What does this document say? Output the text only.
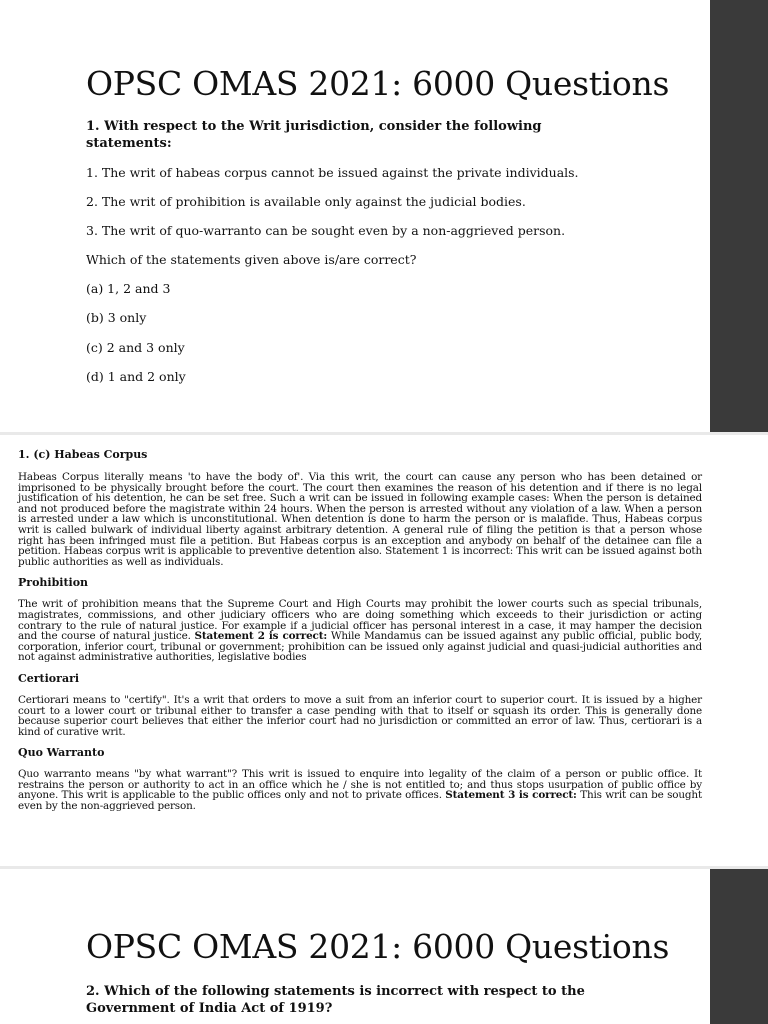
OPSC OMAS 2021: 6000 Questions

1. With respect to the Writ jurisdiction, consider the following statements:

1. The writ of habeas corpus cannot be issued against the private individuals.

2. The writ of prohibition is available only against the judicial bodies.

3. The writ of quo-warranto can be sought even by a non-aggrieved person.

Which of the statements given above is/are correct?

(a) 1, 2 and 3

(b) 3 only

(c) 2 and 3 only

(d) 1 and 2 only

1. (c) Habeas Corpus

Habeas Corpus literally means 'to have the body of'. Via this writ, the court can cause any person who has been detained or imprisoned to be physically brought before the court. The court then examines the reason of his detention and if there is no legal justification of his detention, he can be set free. Such a writ can be issued in following example cases: When the person is detained and not produced before the magistrate within 24 hours. When the person is arrested without any violation of a law. When a person is arrested under a law which is unconstitutional. When detention is done to harm the person or is malafide. Thus, Habeas corpus writ is called bulwark of individual liberty against arbitrary detention. A general rule of filing the petition is that a person whose right has been infringed must file a petition. But Habeas corpus is an exception and anybody on behalf of the detainee can file a petition. Habeas corpus writ is applicable to preventive detention also. Statement 1 is incorrect: This writ can be issued against both public authorities as well as individuals.

Prohibition

The writ of prohibition means that the Supreme Court and High Courts may prohibit the lower courts such as special tribunals, magistrates, commissions, and other judiciary officers who are doing something which exceeds to their jurisdiction or acting contrary to the rule of natural justice. For example if a judicial officer has personal interest in a case, it may hamper the decision and the course of natural justice. Statement 2 is correct: While Mandamus can be issued against any public official, public body, corporation, inferior court, tribunal or government; prohibition can be issued only against judicial and quasi-judicial authorities and not against administrative authorities, legislative bodies

Certiorari

Certiorari means to "certify". It's a writ that orders to move a suit from an inferior court to superior court. It is issued by a higher court to a lower court or tribunal either to transfer a case pending with that to itself or squash its order. This is generally done because superior court believes that either the inferior court had no jurisdiction or committed an error of law. Thus, certiorari is a kind of curative writ.

Quo Warranto

Quo warranto means "by what warrant"? This writ is issued to enquire into legality of the claim of a person or public office. It restrains the person or authority to act in an office which he / she is not entitled to; and thus stops usurpation of public office by anyone. This writ is applicable to the public offices only and not to private offices. Statement 3 is correct: This writ can be sought even by the non-aggrieved person.

OPSC OMAS 2021: 6000 Questions

2. Which of the following statements is incorrect with respect to the Government of India Act of 1919?
